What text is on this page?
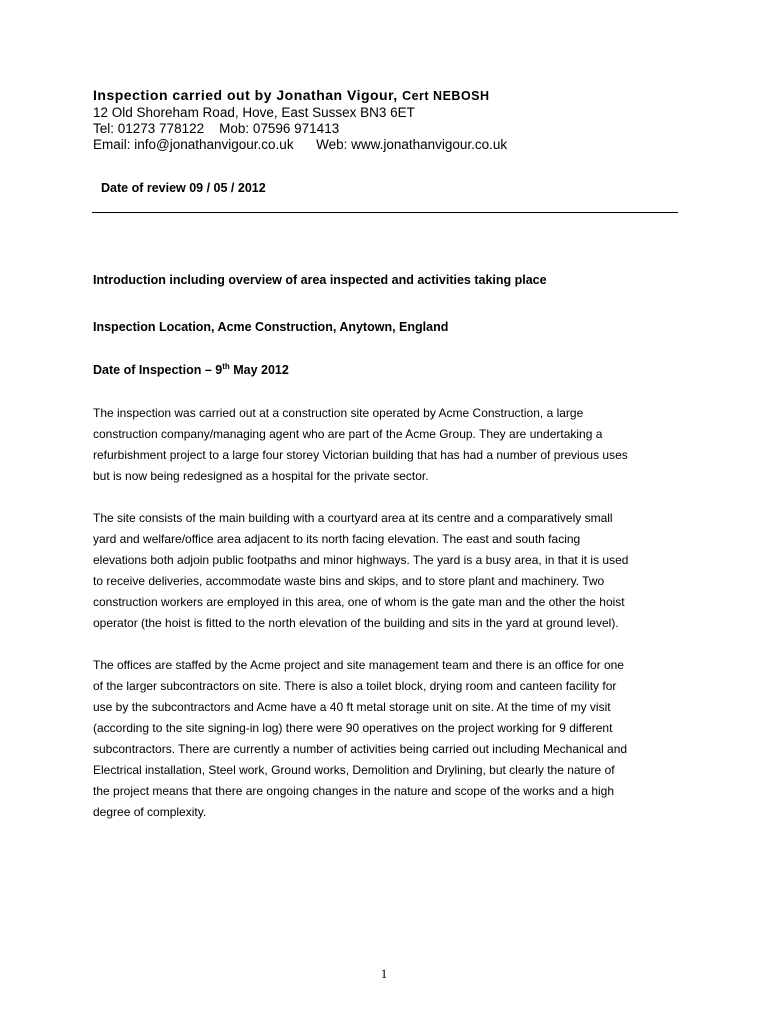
Inspection carried out by Jonathan Vigour, Cert NEBOSH
12 Old Shoreham Road, Hove, East Sussex BN3 6ET
Tel: 01273 778122    Mob: 07596 971413
Email: info@jonathanvigour.co.uk      Web: www.jonathanvigour.co.uk
Date of review 09 / 05 / 2012
Introduction including overview of area inspected and activities taking place
Inspection Location, Acme Construction, Anytown, England
Date of Inspection – 9th May 2012
The inspection was carried out at a construction site operated by Acme Construction, a large
construction company/managing agent who are part of the Acme Group. They are undertaking a
refurbishment project to a large four storey Victorian building that has had a number of previous uses
but is now being redesigned as a hospital for the private sector.
The site consists of the main building with a courtyard area at its centre and a comparatively small
yard and welfare/office area adjacent to its north facing elevation. The east and south facing
elevations both adjoin public footpaths and minor highways. The yard is a busy area, in that it is used
to receive deliveries, accommodate waste bins and skips, and to store plant and machinery. Two
construction workers are employed in this area, one of whom is the gate man and the other the hoist
operator (the hoist is fitted to the north elevation of the building and sits in the yard at ground level).
The offices are staffed by the Acme project and site management team and there is an office for one
of the larger subcontractors on site. There is also a toilet block, drying room and canteen facility for
use by the subcontractors and Acme have a 40 ft metal storage unit on site. At the time of my visit
(according to the site signing-in log) there were 90 operatives on the project working for 9 different
subcontractors. There are currently a number of activities being carried out including Mechanical and
Electrical installation, Steel work, Ground works, Demolition and Drylining, but clearly the nature of
the project means that there are ongoing changes in the nature and scope of the works and a high
degree of complexity.
1
